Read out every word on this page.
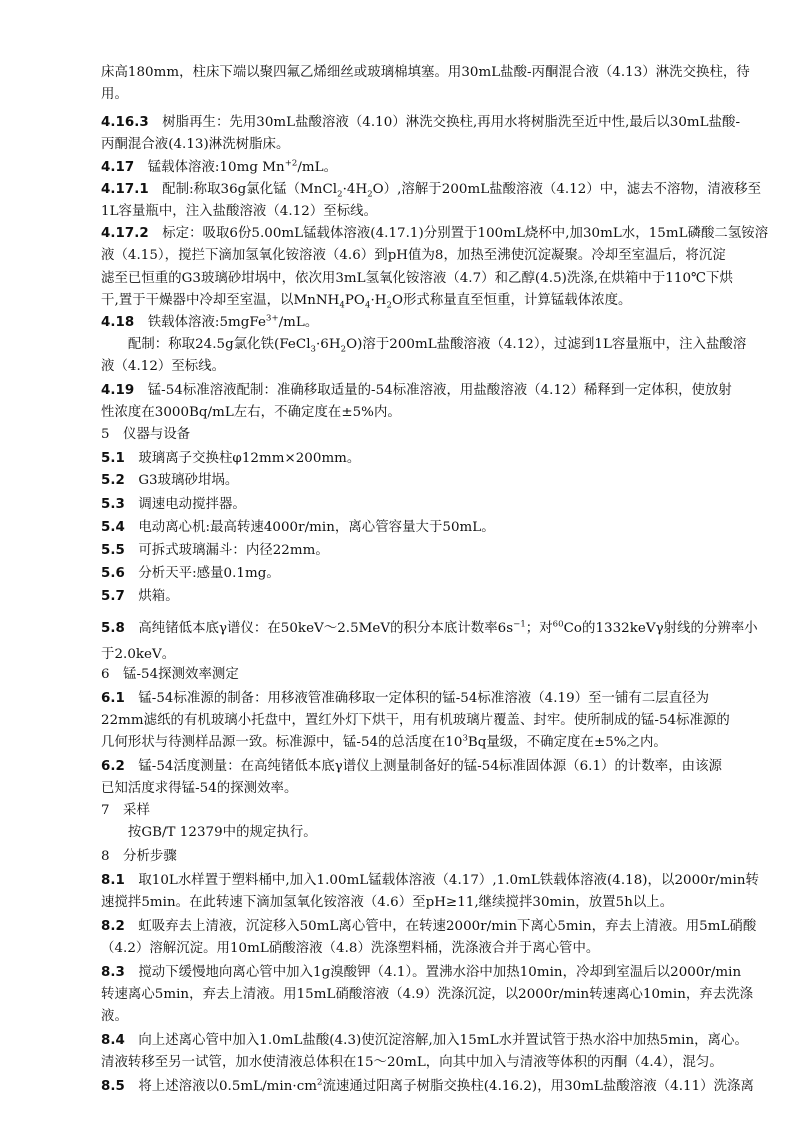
床高180mm，柱床下端以聚四氟乙烯细丝或玻璃棉填塞。用30mL盐酸-丙酮混合液（4.13）淋洗交换柱，待
用。
4.16.3　树脂再生：先用30mL盐酸溶液（4.10）淋洗交换柱,再用水将树脂洗至近中性,最后以30mL盐酸-
丙酮混合液(4.13)淋洗树脂床。
4.17　锰载体溶液:10mg $Mn^{+2}/mL$。
4.17.1　配制:称取36g氯化锰$(MnCl_2\cdot 4H_2O)$,溶解于200mL盐酸溶液（4.12）中，滤去不溶物，清液移至
1L容量瓶中，注入盐酸溶液（4.12）至标线。
4.17.2　标定：吸取6份5.00mL锰载体溶液(4.17.1)分别置于100mL烧杯中,加30mL水，15mL磷酸二氢铵溶
液（4.15），搅拦下滴加氢氧化铵溶液（4.6）到pH值为8，加热至沸使沉淀凝聚。冷却至室温后，将沉淀
滤至已恒重的G3玻璃砂坩埚中，依次用3mL氢氧化铵溶液（4.7）和乙醇(4.5)洗涤,在烘箱中于110℃下烘
干,置于干燥器中冷却至室温，以$MnNH_4PO_4\cdot H_2O$形式称量直至恒重，计算锰载体浓度。
4.18　铁载体溶液:5mgFe$^{3+}$/mL。
　　配制：称取24.5g氯化铁$(FeCl_3\cdot 6H_2O)$溶于200mL盐酸溶液（4.12），过滤到1L容量瓶中，注入盐酸溶
液（4.12）至标线。
4.19　锰-54标准溶液配制：准确移取适量的-54标准溶液，用盐酸溶液（4.12）稀释到一定体积，使放射
性浓度在3000Bq/mL左右，不确定度在±5%内。
5　仪器与设备
5.1　玻璃离子交换柱φ12mm×200mm。
5.2　G3玻璃砂坩埚。
5.3　调速电动搅拌器。
5.4　电动离心机:最高转速4000r/min，离心管容量大于50mL。
5.5　可拆式玻璃漏斗：内径22mm。
5.6　分析天平:感量0.1mg。
5.7　烘箱。
5.8　高纯锗低本底γ谱仪：在50keV～2.5MeV的积分本底计数率$6s^{-1}$；对$^{60}$Co的1332keVγ射线的分辨率小
于2.0keV。
6　锰-54探测效率测定
6.1　锰-54标准源的制备：用移液管准确移取一定体积的锰-54标准溶液（4.19）至一铺有二层直径为
22mm滤纸的有机玻璃小托盘中，置红外灯下烘干，用有机玻璃片覆盖、封牢。使所制成的锰-54标准源的
几何形状与待测样品源一致。标准源中，锰-54的总活度在$10^3Bq$量级，不确定度在±5%之内。
6.2　锰-54活度测量：在高纯锗低本底γ谱仪上测量制备好的锰-54标准固体源（6.1）的计数率，由该源
已知活度求得锰-54的探测效率。
7　采样
　　按GB/T 12379中的规定执行。
8　分析步骤
8.1　取10L水样置于塑料桶中,加入1.00mL锰载体溶液（4.17）,1.0mL铁载体溶液(4.18)，以2000r/min转
速搅拌5min。在此转速下滴加氢氧化铵溶液（4.6）至pH≥11,继续搅拌30min，放置5h以上。
8.2　虹吸弃去上清液，沉淀移入50mL离心管中，在转速2000r/min下离心5min，弃去上清液。用5mL硝酸
（4.2）溶解沉淀。用10mL硝酸溶液（4.8）洗涤塑料桶，洗涤液合并于离心管中。
8.3　搅动下缓慢地向离心管中加入1g溴酸钾（4.1）。置沸水浴中加热10min，冷却到室温后以2000r/min
转速离心5min，弃去上清液。用15mL硝酸溶液（4.9）洗涤沉淀，以2000r/min转速离心10min，弃去洗涤
液。
8.4　向上述离心管中加入1.0mL盐酸(4.3)使沉淀溶解,加入15mL水并置试管于热水浴中加热5min，离心。
清液转移至另一试管，加水使清液总体积在15～20mL，向其中加入与清液等体积的丙酮（4.4），混匀。
8.5　将上述溶液以$0.5mL/\min\cdot cm^2$流速通过阳离子树脂交换柱(4.16.2)，用30mL盐酸溶液（4.11）洗涤离
